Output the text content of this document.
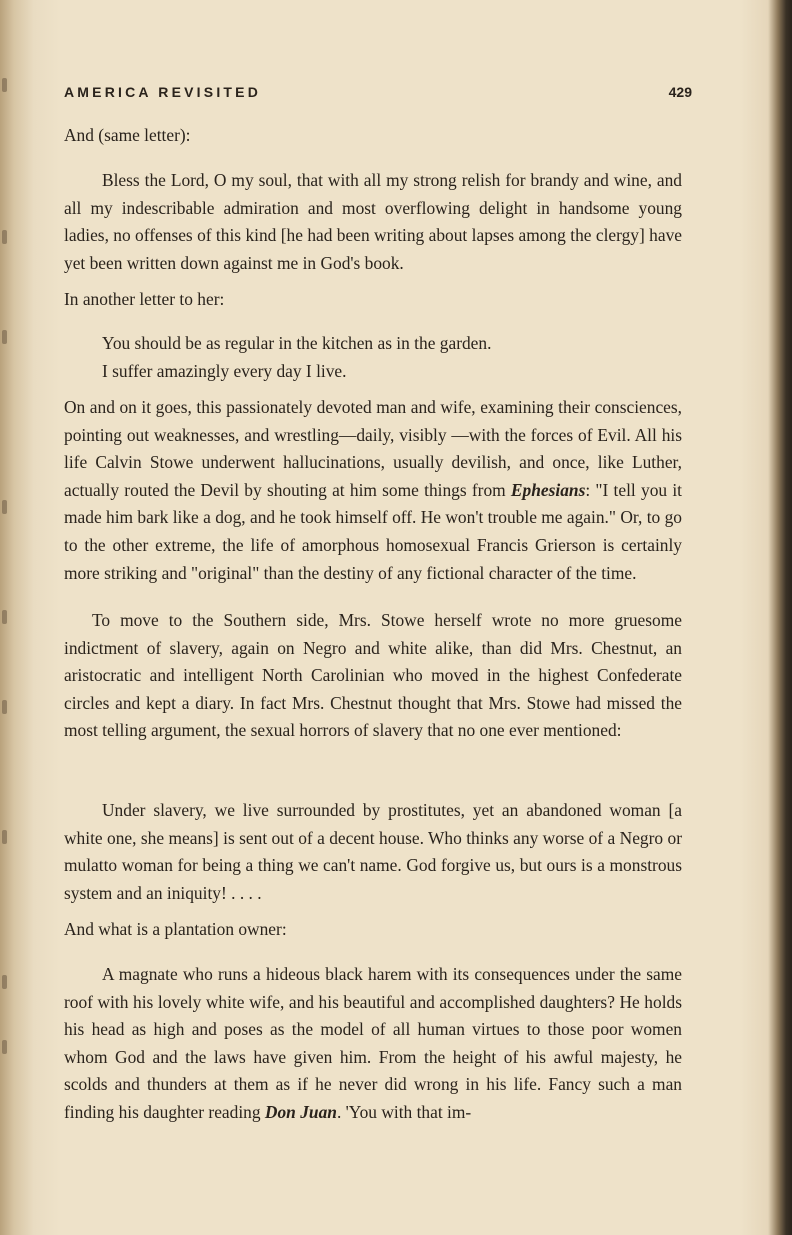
AMERICA REVISITED	429

And (same letter):

Bless the Lord, O my soul, that with all my strong relish for brandy and wine, and all my indescribable admiration and most overflowing delight in handsome young ladies, no offenses of this kind [he had been writing about lapses among the clergy] have yet been written down against me in God's book.

In another letter to her:

You should be as regular in the kitchen as in the garden.
I suffer amazingly every day I live.

On and on it goes, this passionately devoted man and wife, examining their consciences, pointing out weaknesses, and wrestling—daily, visibly —with the forces of Evil. All his life Calvin Stowe underwent hallucinations, usually devilish, and once, like Luther, actually routed the Devil by shouting at him some things from Ephesians: "I tell you it made him bark like a dog, and he took himself off. He won't trouble me again." Or, to go to the other extreme, the life of amorphous homosexual Francis Grierson is certainly more striking and "original" than the destiny of any fictional character of the time.

To move to the Southern side, Mrs. Stowe herself wrote no more gruesome indictment of slavery, again on Negro and white alike, than did Mrs. Chestnut, an aristocratic and intelligent North Carolinian who moved in the highest Confederate circles and kept a diary. In fact Mrs. Chestnut thought that Mrs. Stowe had missed the most telling argument, the sexual horrors of slavery that no one ever mentioned:

Under slavery, we live surrounded by prostitutes, yet an abandoned woman [a white one, she means] is sent out of a decent house. Who thinks any worse of a Negro or mulatto woman for being a thing we can't name. God forgive us, but ours is a monstrous system and an iniquity! . . . .

And what is a plantation owner:

A magnate who runs a hideous black harem with its consequences under the same roof with his lovely white wife, and his beautiful and accomplished daughters? He holds his head as high and poses as the model of all human virtues to those poor women whom God and the laws have given him. From the height of his awful majesty, he scolds and thunders at them as if he never did wrong in his life. Fancy such a man finding his daughter reading Don Juan. 'You with that im-
